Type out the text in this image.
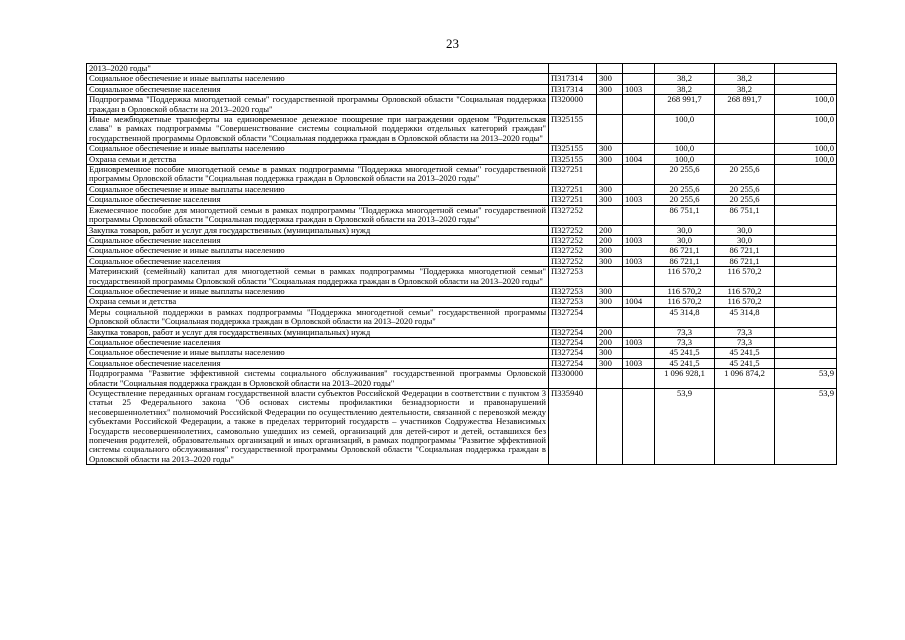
23
2013–2020 годы"						
Социальное обеспечение и иные выплаты населению	П317314	300		38,2	38,2	
Социальное обеспечение населения	П317314	300	1003	38,2	38,2	
Подпрограмма "Поддержка многодетной семьи" государственной программы Орловской области "Социальная поддержка граждан в Орловской области на 2013–2020 годы"	П320000			268 991,7	268 891,7	100,0
Иные межбюджетные трансферты на единовременное денежное поощрение при награждении орденом "Родительская слава" в рамках подпрограммы "Совершенствование системы социальной поддержки отдельных категорий граждан" государственной программы Орловской области "Социальная поддержка граждан в Орловской области на 2013–2020 годы"	П325155			100,0		100,0
Социальное обеспечение и иные выплаты населению	П325155	300		100,0		100,0
Охрана семьи и детства	П325155	300	1004	100,0		100,0
Единовременное пособие многодетной семье в рамках подпрограммы "Поддержка многодетной семьи" государственной программы Орловской области "Социальная поддержка граждан в Орловской области на 2013–2020 годы"	П327251			20 255,6	20 255,6	
Социальное обеспечение и иные выплаты населению	П327251	300		20 255,6	20 255,6	
Социальное обеспечение населения	П327251	300	1003	20 255,6	20 255,6	
Ежемесячное пособие для многодетной семьи в рамках подпрограммы "Поддержка многодетной семьи" государственной программы Орловской области "Социальная поддержка граждан в Орловской области на 2013–2020 годы"	П327252			86 751,1	86 751,1	
Закупка товаров, работ и услуг для государственных (муниципальных) нужд	П327252	200		30,0	30,0	
Социальное обеспечение населения	П327252	200	1003	30,0	30,0	
Социальное обеспечение и иные выплаты населению	П327252	300		86 721,1	86 721,1	
Социальное обеспечение населения	П327252	300	1003	86 721,1	86 721,1	
Материнский (семейный) капитал для многодетной семьи в рамках подпрограммы "Поддержка многодетной семьи" государственной программы Орловской области "Социальная поддержка граждан в Орловской области на 2013–2020 годы"	П327253			116 570,2	116 570,2	
Социальное обеспечение и иные выплаты населению	П327253	300		116 570,2	116 570,2	
Охрана семьи и детства	П327253	300	1004	116 570,2	116 570,2	
Меры социальной поддержки в рамках подпрограммы "Поддержка многодетной семьи" государственной программы Орловской области "Социальная поддержка граждан в Орловской области на 2013–2020 годы"	П327254			45 314,8	45 314,8	
Закупка товаров, работ и услуг для государственных (муниципальных) нужд	П327254	200		73,3	73,3	
Социальное обеспечение населения	П327254	200	1003	73,3	73,3	
Социальное обеспечение и иные выплаты населению	П327254	300		45 241,5	45 241,5	
Социальное обеспечение населения	П327254	300	1003	45 241,5	45 241,5	
Подпрограмма "Развитие эффективной системы социального обслуживания" государственной программы Орловской области "Социальная поддержка граждан в Орловской области на 2013–2020 годы"	П330000			1 096 928,1	1 096 874,2	53,9
Осуществление переданных органам государственной власти субъектов Российской Федерации в соответствии с пунктом 3 статьи 25 Федерального закона "Об основах системы профилактики безнадзорности и правонарушений несовершеннолетних" полномочий Российской Федерации по осуществлению деятельности, связанной с перевозкой между субъектами Российской Федерации, а также в пределах территорий государств – участников Содружества Независимых Государств несовершеннолетних, самовольно ушедших из семей, организаций для детей-сирот и детей, оставшихся без попечения родителей, образовательных организаций и иных организаций, в рамках подпрограммы "Развитие эффективной системы социального обслуживания" государственной программы Орловской области "Социальная поддержка граждан в Орловской области на 2013–2020 годы"	П335940			53,9		53,9
